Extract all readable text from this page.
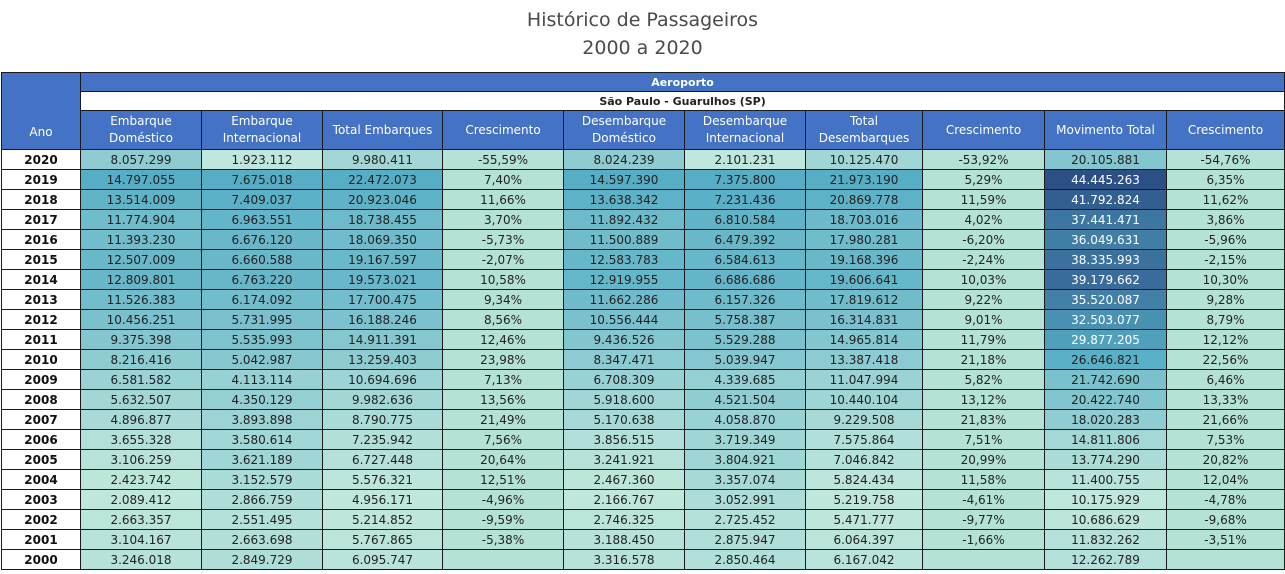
Histórico de Passageiros
2000 a 2020
Ano	Aeroporto									
	São Paulo - Guarulhos (SP)									
	Embarque Doméstico	Embarque Internacional	Total Embarques	Crescimento	Desembarque Doméstico	Desembarque Internacional	Total Desembarques	Crescimento	Movimento Total	Crescimento
2020	8.057.299	1.923.112	9.980.411	-55,59%	8.024.239	2.101.231	10.125.470	-53,92%	20.105.881	-54,76%
2019	14.797.055	7.675.018	22.472.073	7,40%	14.597.390	7.375.800	21.973.190	5,29%	44.445.263	6,35%
2018	13.514.009	7.409.037	20.923.046	11,66%	13.638.342	7.231.436	20.869.778	11,59%	41.792.824	11,62%
2017	11.774.904	6.963.551	18.738.455	3,70%	11.892.432	6.810.584	18.703.016	4,02%	37.441.471	3,86%
2016	11.393.230	6.676.120	18.069.350	-5,73%	11.500.889	6.479.392	17.980.281	-6,20%	36.049.631	-5,96%
2015	12.507.009	6.660.588	19.167.597	-2,07%	12.583.783	6.584.613	19.168.396	-2,24%	38.335.993	-2,15%
2014	12.809.801	6.763.220	19.573.021	10,58%	12.919.955	6.686.686	19.606.641	10,03%	39.179.662	10,30%
2013	11.526.383	6.174.092	17.700.475	9,34%	11.662.286	6.157.326	17.819.612	9,22%	35.520.087	9,28%
2012	10.456.251	5.731.995	16.188.246	8,56%	10.556.444	5.758.387	16.314.831	9,01%	32.503.077	8,79%
2011	9.375.398	5.535.993	14.911.391	12,46%	9.436.526	5.529.288	14.965.814	11,79%	29.877.205	12,12%
2010	8.216.416	5.042.987	13.259.403	23,98%	8.347.471	5.039.947	13.387.418	21,18%	26.646.821	22,56%
2009	6.581.582	4.113.114	10.694.696	7,13%	6.708.309	4.339.685	11.047.994	5,82%	21.742.690	6,46%
2008	5.632.507	4.350.129	9.982.636	13,56%	5.918.600	4.521.504	10.440.104	13,12%	20.422.740	13,33%
2007	4.896.877	3.893.898	8.790.775	21,49%	5.170.638	4.058.870	9.229.508	21,83%	18.020.283	21,66%
2006	3.655.328	3.580.614	7.235.942	7,56%	3.856.515	3.719.349	7.575.864	7,51%	14.811.806	7,53%
2005	3.106.259	3.621.189	6.727.448	20,64%	3.241.921	3.804.921	7.046.842	20,99%	13.774.290	20,82%
2004	2.423.742	3.152.579	5.576.321	12,51%	2.467.360	3.357.074	5.824.434	11,58%	11.400.755	12,04%
2003	2.089.412	2.866.759	4.956.171	-4,96%	2.166.767	3.052.991	5.219.758	-4,61%	10.175.929	-4,78%
2002	2.663.357	2.551.495	5.214.852	-9,59%	2.746.325	2.725.452	5.471.777	-9,77%	10.686.629	-9,68%
2001	3.104.167	2.663.698	5.767.865	-5,38%	3.188.450	2.875.947	6.064.397	-1,66%	11.832.262	-3,51%
2000	3.246.018	2.849.729	6.095.747		3.316.578	2.850.464	6.167.042		12.262.789	
